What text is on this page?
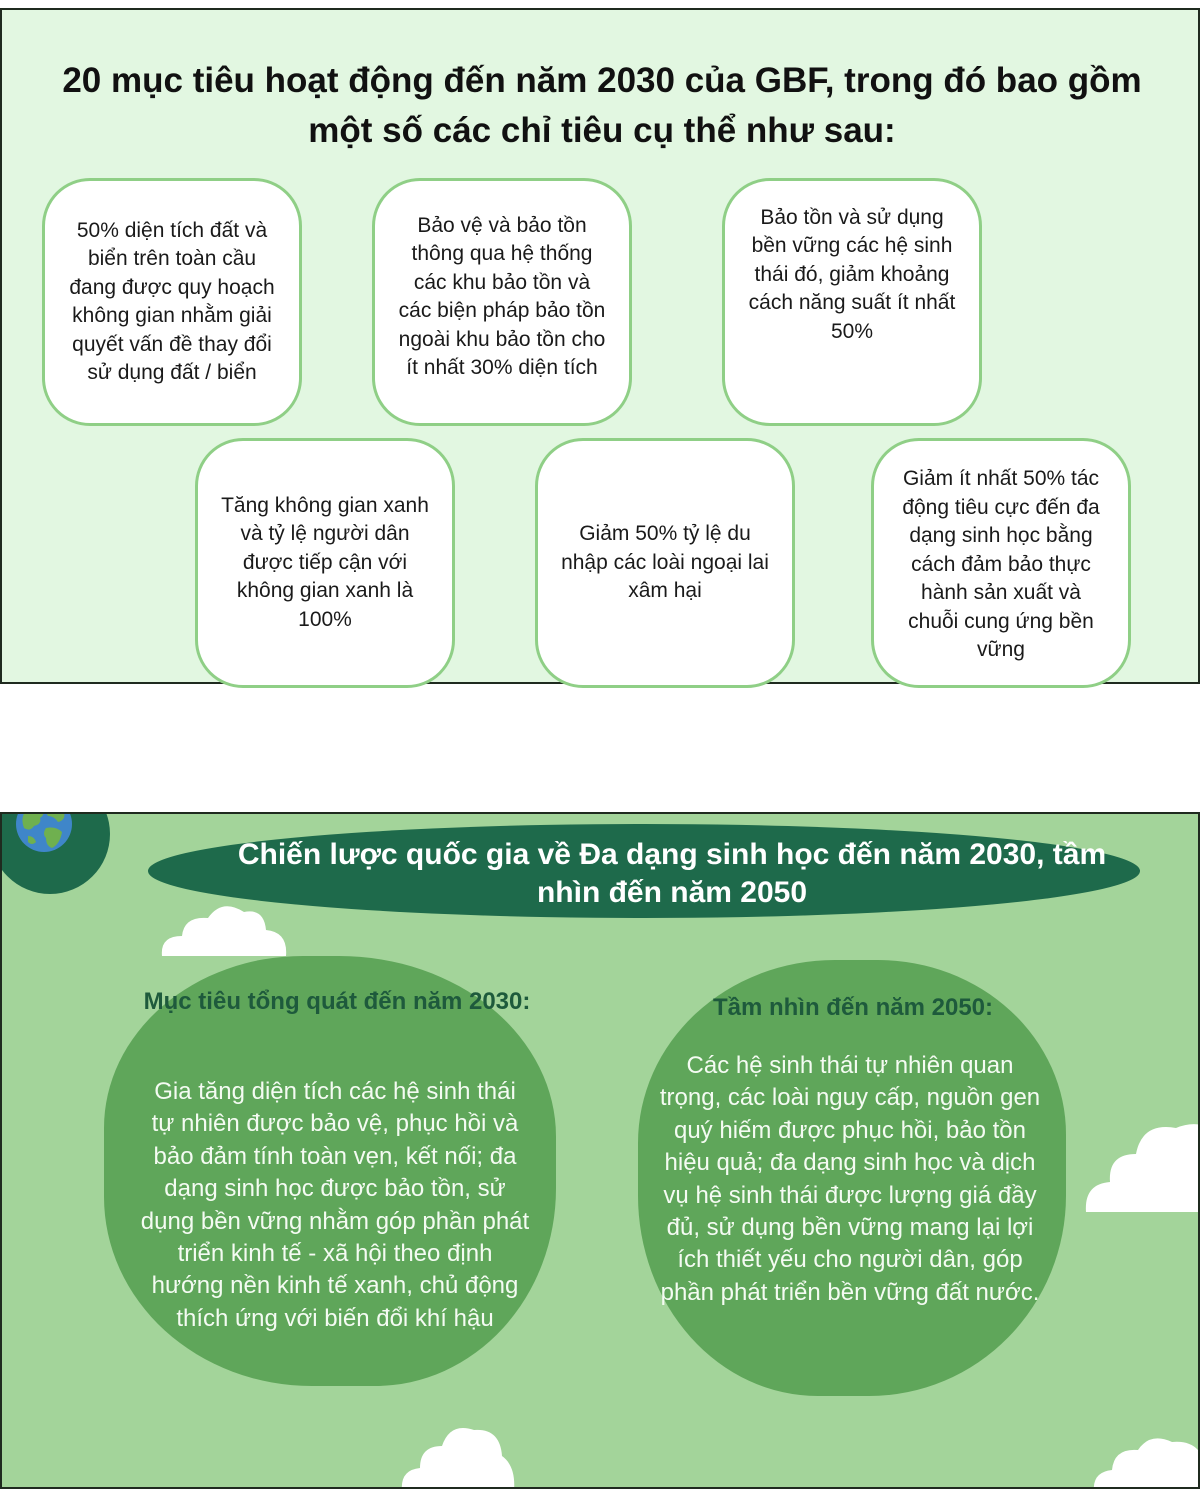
20 mục tiêu hoạt động đến năm 2030 của GBF, trong đó bao gồm một số các chỉ tiêu cụ thể như sau:
50% diện tích đất và biển trên toàn cầu đang được quy hoạch không gian nhằm giải quyết vấn đề thay đổi sử dụng đất / biển
Bảo vệ và bảo tồn thông qua hệ thống các khu bảo tồn và các biện pháp bảo tồn ngoài khu bảo tồn cho ít nhất 30% diện tích
Bảo tồn và sử dụng bền vững các hệ sinh thái đó, giảm khoảng cách năng suất ít nhất 50%
Tăng không gian xanh và tỷ lệ người dân được tiếp cận với không gian xanh là 100%
Giảm 50% tỷ lệ du nhập các loài ngoại lai xâm hại
Giảm ít nhất 50% tác động tiêu cực đến đa dạng sinh học bằng cách đảm bảo thực hành sản xuất và chuỗi cung ứng bền vững
Chiến lược quốc gia về Đa dạng sinh học đến năm 2030, tầm nhìn đến năm 2050
Mục tiêu tổng quát đến năm 2030:
Gia tăng diện tích các hệ sinh thái tự nhiên được bảo vệ, phục hồi và bảo đảm tính toàn vẹn, kết nối; đa dạng sinh học được bảo tồn, sử dụng bền vững nhằm góp phần phát triển kinh tế - xã hội theo định hướng nền kinh tế xanh, chủ động thích ứng với biến đổi khí hậu
Tầm nhìn đến năm 2050:
Các hệ sinh thái tự nhiên quan trọng, các loài nguy cấp, nguồn gen quý hiếm được phục hồi, bảo tồn hiệu quả; đa dạng sinh học và dịch vụ hệ sinh thái được lượng giá đầy đủ, sử dụng bền vững mang lại lợi ích thiết yếu cho người dân, góp phần phát triển bền vững đất nước.
